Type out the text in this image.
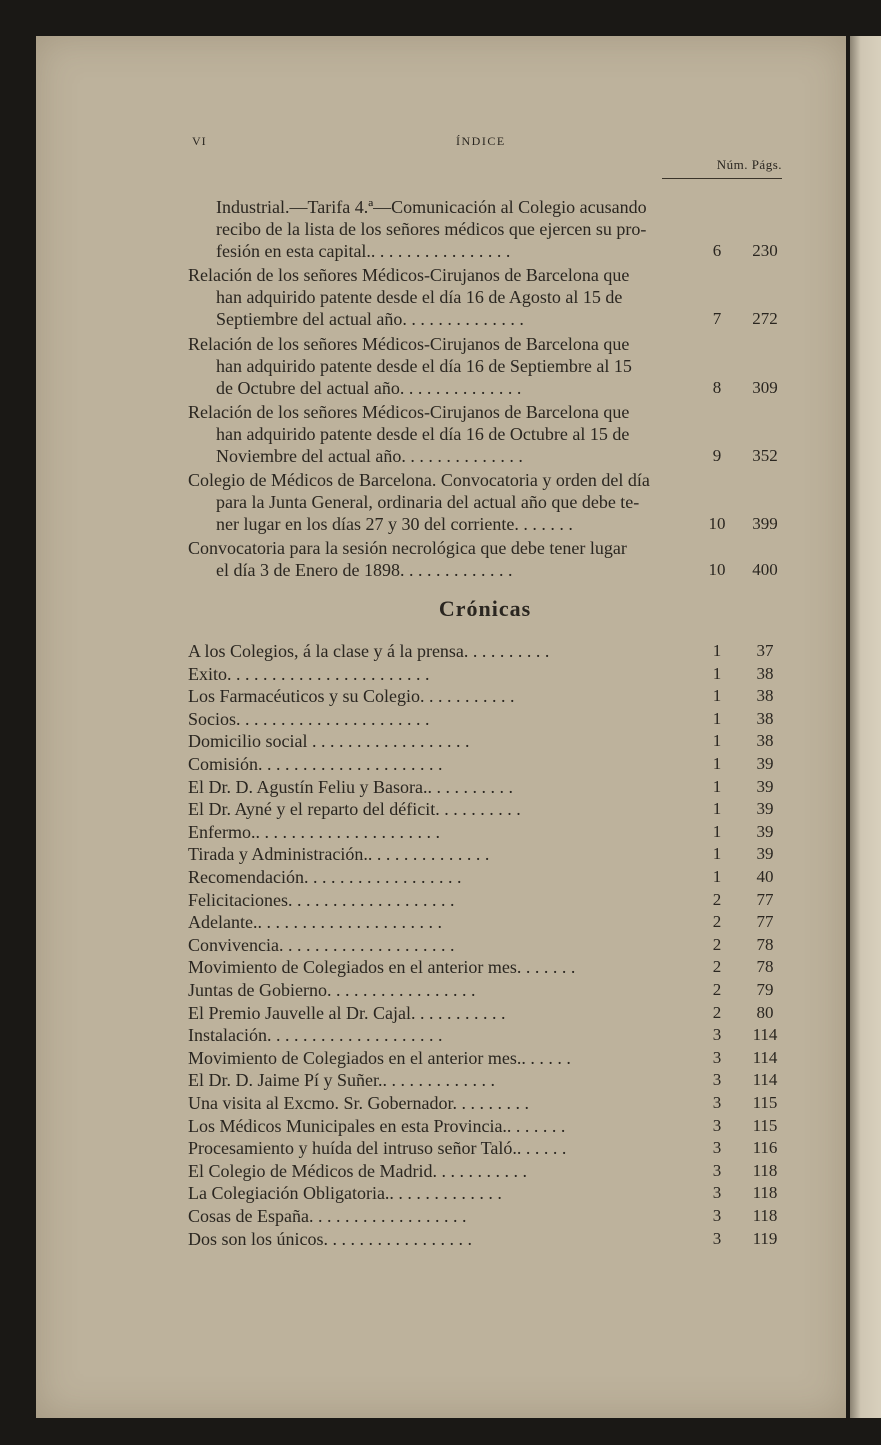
VI	ÍNDICE
Núm. Págs.
Industrial.—Tarifa 4.ª—Comunicación al Colegio acusando
recibo de la lista de los señores médicos que ejercen su pro-
fesión en esta capital.. . . . . . . . . . . . . . . .	6	230
Relación de los señores Médicos-Cirujanos de Barcelona que
han adquirido patente desde el día 16 de Agosto al 15 de
Septiembre del actual año. . . . . . . . . . . . . .	7	272
Relación de los señores Médicos-Cirujanos de Barcelona que
han adquirido patente desde el día 16 de Septiembre al 15
de Octubre del actual año. . . . . . . . . . . . . .	8	309
Relación de los señores Médicos-Cirujanos de Barcelona que
han adquirido patente desde el día 16 de Octubre al 15 de
Noviembre del actual año. . . . . . . . . . . . . .	9	352
Colegio de Médicos de Barcelona. Convocatoria y orden del día
para la Junta General, ordinaria del actual año que debe te-
ner lugar en los días 27 y 30 del corriente. . . . . . .	10	399
Convocatoria para la sesión necrológica que debe tener lugar
el día 3 de Enero de 1898. . . . . . . . . . . . .	10	400
Crónicas
A los Colegios, á la clase y á la prensa. . . . . . . . . .	1	37
Exito. . . . . . . . . . . . . . . . . . . . . . .	1	38
Los Farmacéuticos y su Colegio. . . . . . . . . . .	1	38
Socios. . . . . . . . . . . . . . . . . . . . . .	1	38
Domicilio social . . . . . . . . . . . . . . . . . .	1	38
Comisión. . . . . . . . . . . . . . . . . . . . .	1	39
El Dr. D. Agustín Feliu y Basora.. . . . . . . . . .	1	39
El Dr. Ayné y el reparto del déficit. . . . . . . . . .	1	39
Enfermo.. . . . . . . . . . . . . . . . . . . . .	1	39
Tirada y Administración.. . . . . . . . . . . . . .	1	39
Recomendación. . . . . . . . . . . . . . . . . .	1	40
Felicitaciones. . . . . . . . . . . . . . . . . . .	2	77
Adelante.. . . . . . . . . . . . . . . . . . . . .	2	77
Convivencia. . . . . . . . . . . . . . . . . . . .	2	78
Movimiento de Colegiados en el anterior mes. . . . . . .	2	78
Juntas de Gobierno. . . . . . . . . . . . . . . . .	2	79
El Premio Jauvelle al Dr. Cajal. . . . . . . . . . .	2	80
Instalación. . . . . . . . . . . . . . . . . . . .	3	114
Movimiento de Colegiados en el anterior mes.. . . . . .	3	114
El Dr. D. Jaime Pí y Suñer.. . . . . . . . . . . . .	3	114
Una visita al Excmo. Sr. Gobernador. . . . . . . . .	3	115
Los Médicos Municipales en esta Provincia.. . . . . . .	3	115
Procesamiento y huída del intruso señor Taló.. . . . . .	3	116
El Colegio de Médicos de Madrid. . . . . . . . . . .	3	118
La Colegiación Obligatoria.. . . . . . . . . . . . .	3	118
Cosas de España. . . . . . . . . . . . . . . . . .	3	118
Dos son los únicos. . . . . . . . . . . . . . . . .	3	119
